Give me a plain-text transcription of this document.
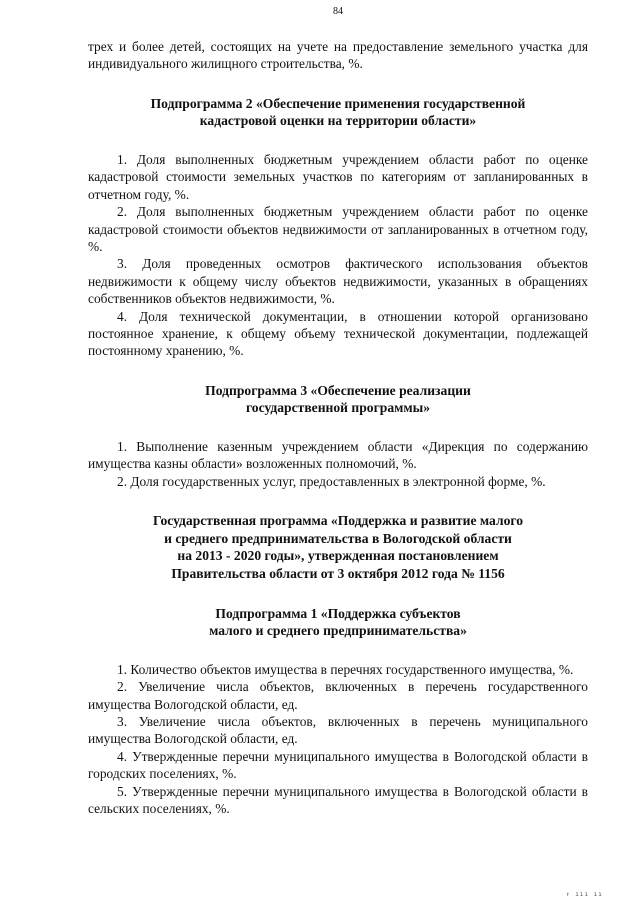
84

трех и более детей, состоящих на учете на предоставление земельного участка для индивидуального жилищного строительства, %.

Подпрограмма 2 «Обеспечение применения государственной

кадастровой оценки на территории области»

1. Доля выполненных бюджетным учреждением области работ по оценке кадастровой стоимости земельных участков по категориям от запланированных в отчетном году, %.

2. Доля выполненных бюджетным учреждением области работ по оценке кадастровой стоимости объектов недвижимости от запланированных в отчетном году, %.

3. Доля проведенных осмотров фактического использования объектов недвижимости к общему числу объектов недвижимости, указанных в обращениях собственников объектов недвижимости, %.

4. Доля технической документации, в отношении которой организовано постоянное хранение, к общему объему технической документации, подлежащей постоянному хранению, %.

Подпрограмма 3 «Обеспечение реализации

государственной программы»

1. Выполнение казенным учреждением области «Дирекция по содержанию имущества казны области» возложенных полномочий, %.

2. Доля государственных услуг, предоставленных в электронной форме, %.

Государственная программа «Поддержка и развитие малого

и среднего предпринимательства в Вологодской области

на 2013 - 2020 годы», утвержденная постановлением

Правительства области от 3 октября 2012 года № 1156

Подпрограмма 1 «Поддержка субъектов

малого и среднего предпринимательства»

1. Количество объектов имущества в перечнях государственного имущества, %.

2. Увеличение числа объектов, включенных в перечень государственного имущества Вологодской области, ед.

3. Увеличение числа объектов, включенных в перечень муниципального имущества Вологодской области, ед.

4. Утвержденные перечни муниципального имущества в Вологодской области в городских поселениях, %.

5. Утвержденные перечни муниципального имущества в Вологодской области в сельских поселениях, %.

↑ ııı ıı
